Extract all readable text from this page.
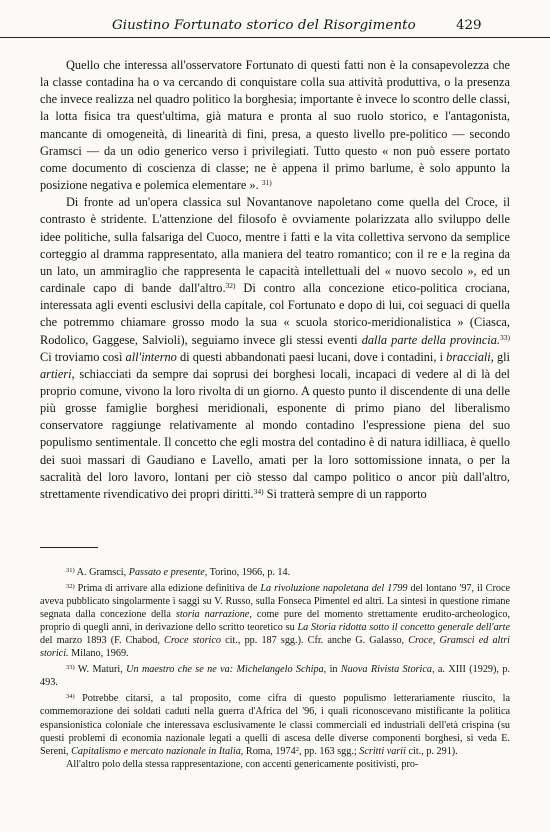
Giustino Fortunato storico del Risorgimento	429

Quello che interessa all'osservatore Fortunato di questi fatti non è la consapevolezza che la classe contadina ha o va cercando di conquistare colla sua attività produttiva, o la presenza che invece realizza nel quadro politico la borghesia; importante è invece lo scontro delle classi, la lotta fisica tra quest'ultima, già matura e pronta al suo ruolo storico, e l'antagonista, mancante di omogeneità, di linearità di fini, presa, a questo livello pre-politico — secondo Gramsci — da un odio generico verso i privilegiati. Tutto questo « non può essere portato come documento di coscienza di classe; ne è appena il primo barlume, è solo appunto la posizione negativa e polemica elementare ». $^{31)}$

Di fronte ad un'opera classica sul Novantanove napoletano come quella del Croce, il contrasto è stridente. L'attenzione del filosofo è ovviamente polarizzata allo sviluppo delle idee politiche, sulla falsariga del Cuoco, mentre i fatti e la vita collettiva servono da semplice corteggio al dramma rappresentato, alla maniera del teatro romantico; con il re e la regina da un lato, un ammiraglio che rappresenta le capacità intellettuali del « nuovo secolo », ed un cardinale capo di bande dall'altro.$^{32)}$ Di contro alla concezione etico-politica crociana, interessata agli eventi esclusivi della capitale, col Fortunato e dopo di lui, coi seguaci di quella che potremmo chiamare grosso modo la sua « scuola storico-meridionalistica » (Ciasca, Rodolico, Gaggese, Salvioli), seguiamo invece gli stessi eventi dalla parte della provincia.$^{33)}$ Ci troviamo così all'interno di questi abbandonati paesi lucani, dove i contadini, i bracciali, gli artieri, schiacciati da sempre dai soprusi dei borghesi locali, incapaci di vedere al di là del proprio comune, vivono la loro rivolta di un giorno. A questo punto il discendente di una delle più grosse famiglie borghesi meridionali, esponente di primo piano del liberalismo conservatore raggiunge relativamente al mondo contadino l'espressione piena del suo populismo sentimentale. Il concetto che egli mostra del contadino è di natura idilliaca, è quello dei suoi massari di Gaudiano e Lavello, amati per la loro sottomissione innata, o per la sacralità del loro lavoro, lontani per ciò stesso dal campo politico o ancor più dall'altro, strettamente rivendicativo dei propri diritti.$^{34)}$ Si tratterà sempre di un rapporto

$^{31)}$ A. Gramsci, Passato e presente, Torino, 1966, p. 14.

$^{32)}$ Prima di arrivare alla edizione definitiva de La rivoluzione napoletana del 1799 del lontano '97, il Croce aveva pubblicato singolarmente i saggi su V. Russo, sulla Fonseca Pimentel ed altri. La sintesi in questione rimane segnata dalla concezione della storia narrazione, come pure del momento strettamente erudito-archeologico, proprio di quegli anni, in derivazione dello scritto teoretico su La Storia ridotta sotto il concetto generale dell'arte del marzo 1893 (F. Chabod, Croce storico cit., pp. 187 sgg.). Cfr. anche G. Galasso, Croce, Gramsci ed altri storici. Milano, 1969.

$^{33)}$ W. Maturi, Un maestro che se ne va: Michelangelo Schipa, in Nuova Rivista Storica, a. XIII (1929), p. 493.

$^{34)}$ Potrebbe citarsi, a tal proposito, come cifra di questo populismo letterariamente riuscito, la commemorazione dei soldati caduti nella guerra d'Africa del '96, i quali riconoscevano mistificante la politica espansionistica coloniale che interessava esclusivamente le classi commerciali ed industriali dell'età crispina (su questi problemi di economia nazionale legati a quelli di ascesa delle diverse componenti borghesi, si veda E. Sereni, Capitalismo e mercato nazionale in Italia, Roma, 1974$^2$, pp. 163 sgg.; Scritti varii cit., p. 291).

All'altro polo della stessa rappresentazione, con accenti genericamente positivisti, pro-
